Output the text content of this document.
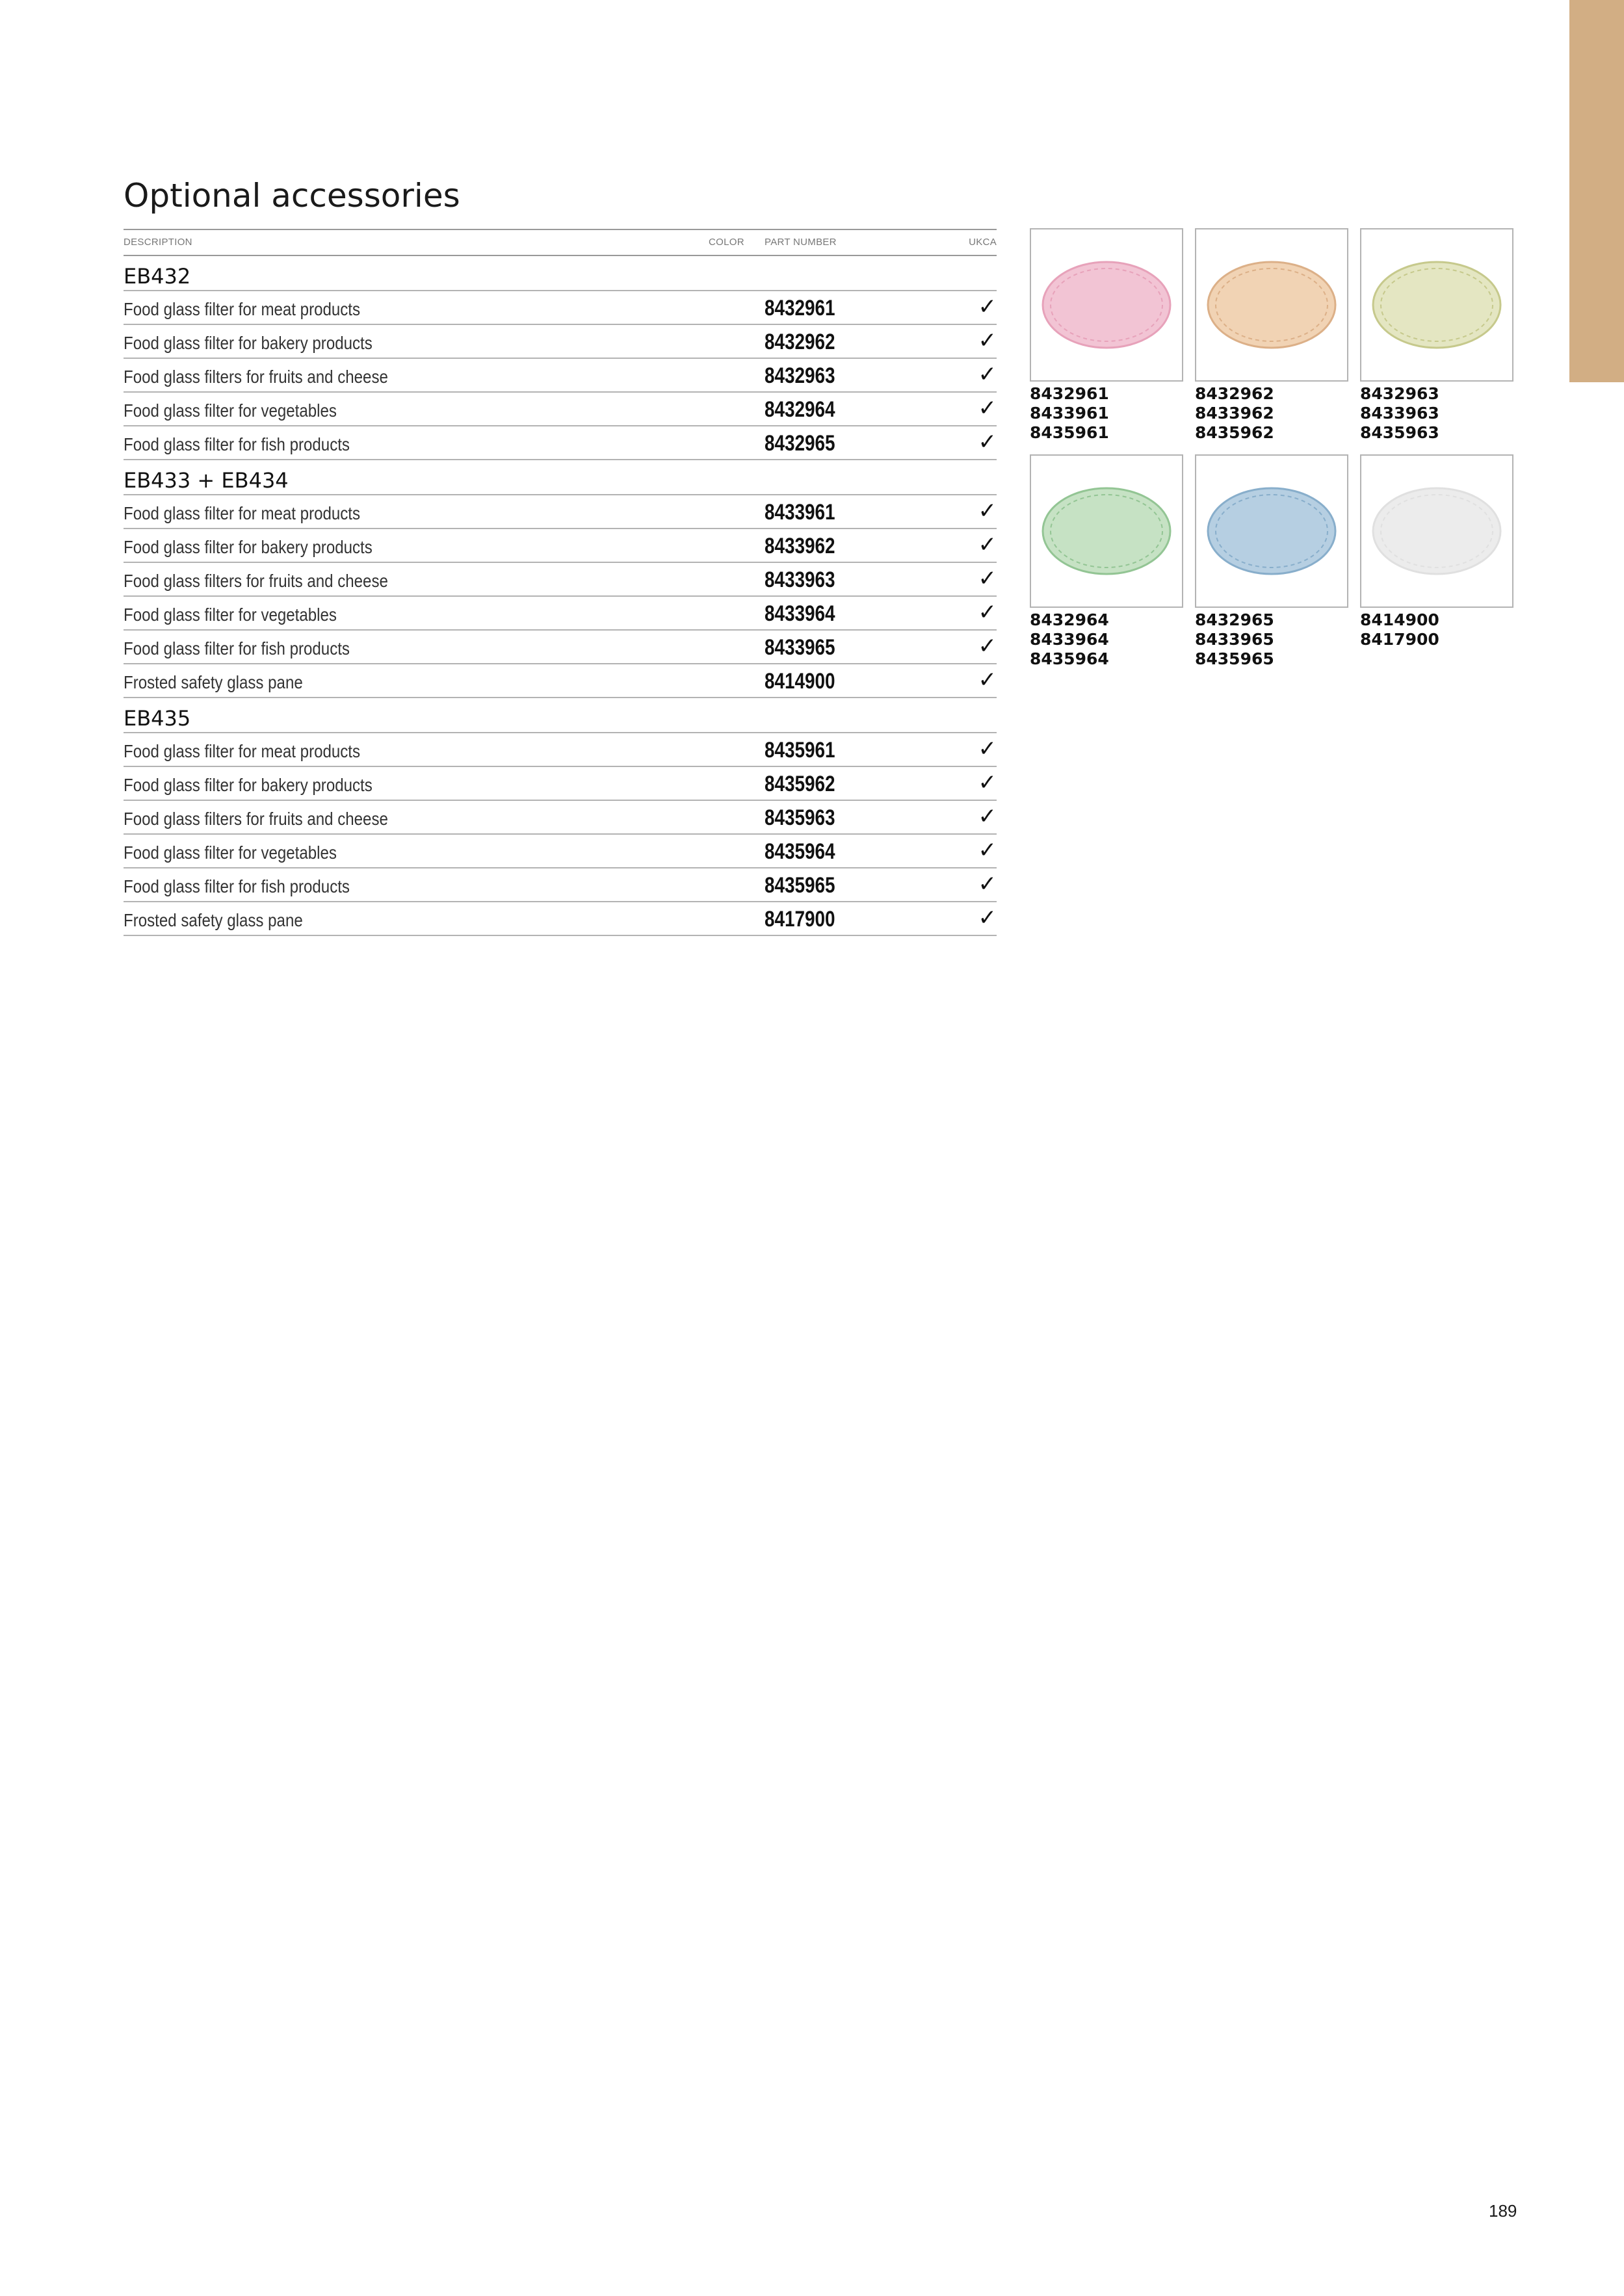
Optional accessories
DESCRIPTION	COLOR PART NUMBER	UKCA
EB432
Food glass filter for meat products	8432961	✓
Food glass filter for bakery products	8432962	✓
Food glass filters for fruits and cheese	8432963	✓
Food glass filter for vegetables	8432964	✓
Food glass filter for fish products	8432965	✓
EB433 + EB434
Food glass filter for meat products	8433961	✓
Food glass filter for bakery products	8433962	✓
Food glass filters for fruits and cheese	8433963	✓
Food glass filter for vegetables	8433964	✓
Food glass filter for fish products	8433965	✓
Frosted safety glass pane	8414900	✓
EB435
Food glass filter for meat products	8435961	✓
Food glass filter for bakery products	8435962	✓
Food glass filters for fruits and cheese	8435963	✓
Food glass filter for vegetables	8435964	✓
Food glass filter for fish products	8435965	✓
Frosted safety glass pane	8417900	✓
8432961
8433961
8435961
8432962
8433962
8435962
8432963
8433963
8435963
8432964
8433964
8435964
8432965
8433965
8435965
8414900
8417900
189
